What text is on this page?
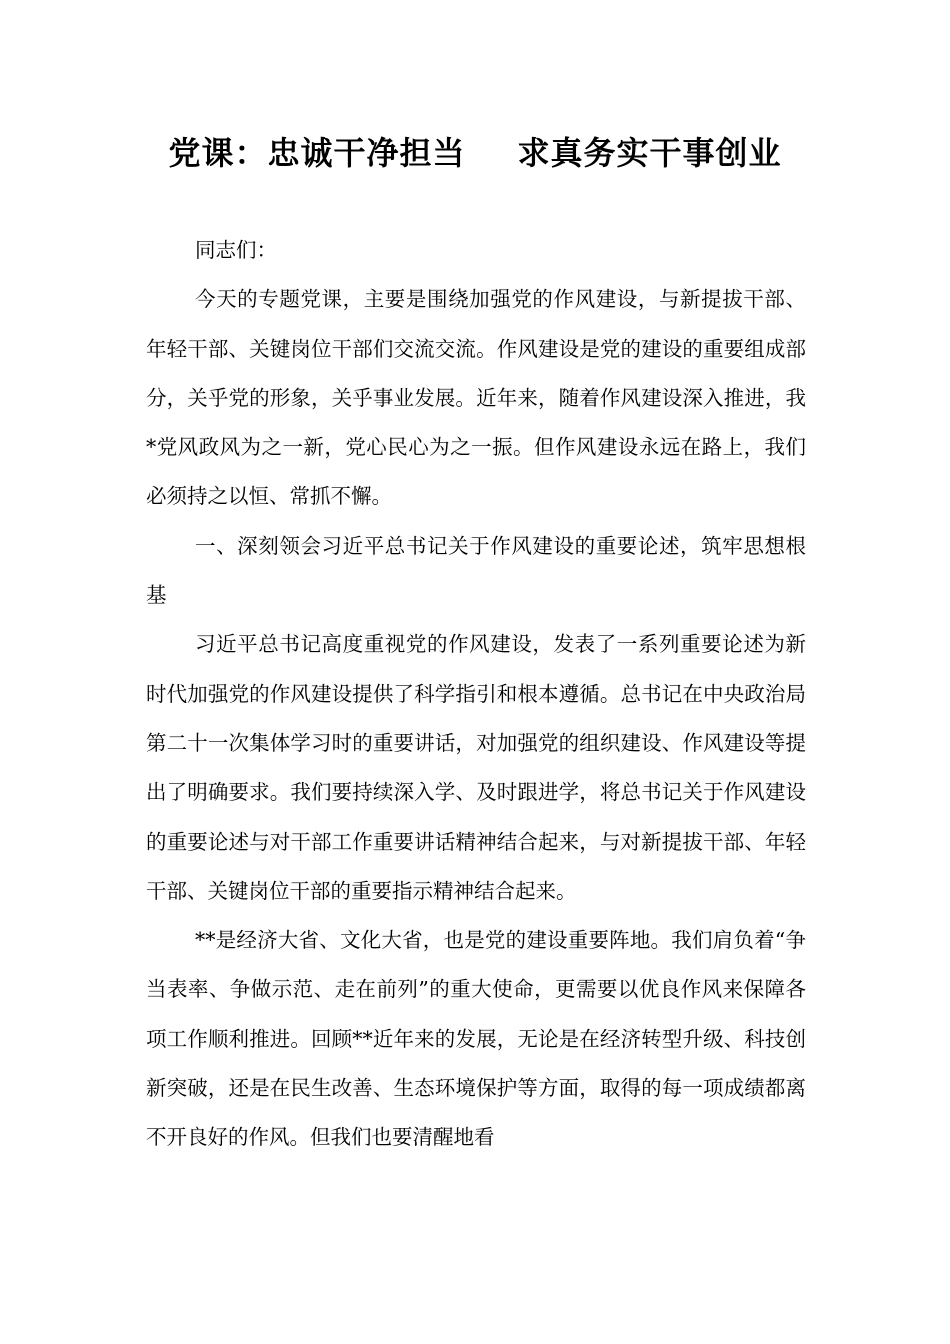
党课：忠诚干净担当 求真务实干事创业

同志们：

今天的专题党课，主要是围绕加强党的作风建设，与新提拔干部、年轻干部、关键岗位干部们交流交流。作风建设是党的建设的重要组成部分，关乎党的形象，关乎事业发展。近年来，随着作风建设深入推进，我*党风政风为之一新，党心民心为之一振。但作风建设永远在路上，我们必须持之以恒、常抓不懈。

一、深刻领会习近平总书记关于作风建设的重要论述，筑牢思想根基

习近平总书记高度重视党的作风建设，发表了一系列重要论述为新时代加强党的作风建设提供了科学指引和根本遵循。总书记在中央政治局第二十一次集体学习时的重要讲话，对加强党的组织建设、作风建设等提出了明确要求。我们要持续深入学、及时跟进学，将总书记关于作风建设的重要论述与对干部工作重要讲话精神结合起来，与对新提拔干部、年轻干部、关键岗位干部的重要指示精神结合起来。

**是经济大省、文化大省，也是党的建设重要阵地。我们肩负着“争当表率、争做示范、走在前列”的重大使命，更需要以优良作风来保障各项工作顺利推进。回顾**近年来的发展，无论是在经济转型升级、科技创新突破，还是在民生改善、生态环境保护等方面，取得的每一项成绩都离不开良好的作风。但我们也要清醒地看
